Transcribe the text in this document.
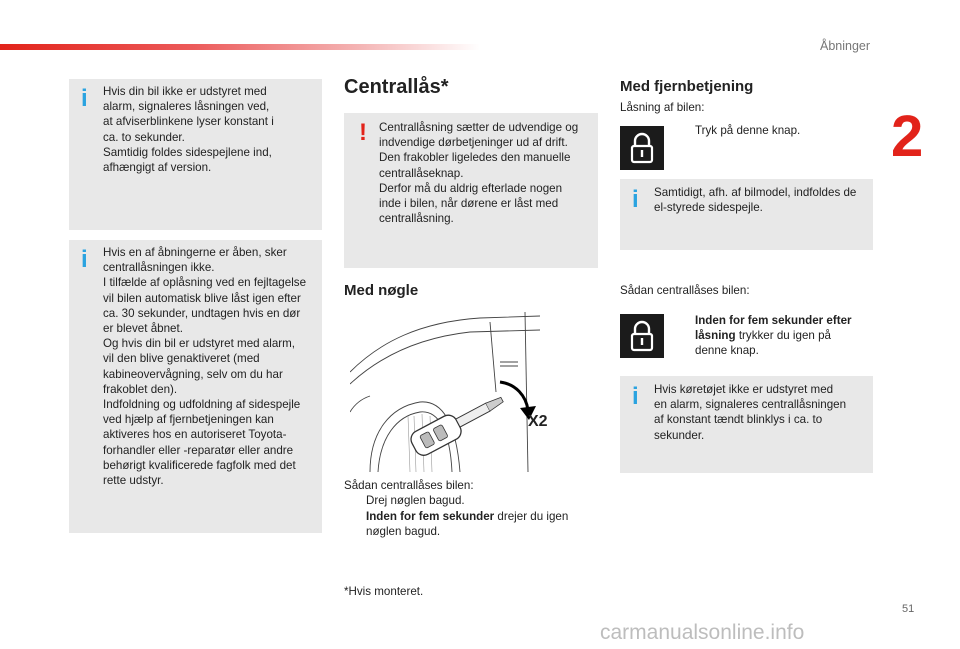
Åbninger
2
i Hvis din bil ikke er udstyret med
alarm, signaleres låsningen ved,
at afviserblinkene lyser konstant i
ca. to sekunder.
Samtidig foldes sidespejlene ind,
afhængigt af version.
i Hvis en af åbningerne er åben, sker
centrallåsningen ikke.
I tilfælde af oplåsning ved en fejltagelse
vil bilen automatisk blive låst igen efter
ca. 30 sekunder, undtagen hvis en dør
er blevet åbnet.
Og hvis din bil er udstyret med alarm,
vil den blive genaktiveret (med
kabineovervågning, selv om du har
frakoblet den).
Indfoldning og udfoldning af sidespejle
ved hjælp af fjernbetjeningen kan
aktiveres hos en autoriseret Toyota-
forhandler eller -reparatør eller andre
behørigt kvalificerede fagfolk med det
rette udstyr.
Centrallås*
! Centrallåsning sætter de udvendige og
indvendige dørbetjeninger ud af drift.
Den frakobler ligeledes den manuelle
centrallåseknap.
Derfor må du aldrig efterlade nogen
inde i bilen, når dørene er låst med
centrallåsning.
Med nøgle
X2
Sådan centrallåses bilen:
Drej nøglen bagud.
Inden for fem sekunder drejer du igen
nøglen bagud.
*Hvis monteret.
Med fjernbetjening
Låsning af bilen:
Tryk på denne knap.
i Samtidigt, afh. af bilmodel, indfoldes de
el-styrede sidespejle.
Sådan centrallåses bilen:
Inden for fem sekunder efter
låsning trykker du igen på
denne knap.
i Hvis køretøjet ikke er udstyret med
en alarm, signaleres centrallåsningen
af konstant tændt blinklys i ca. to
sekunder.
51
carmanualsonline.info
